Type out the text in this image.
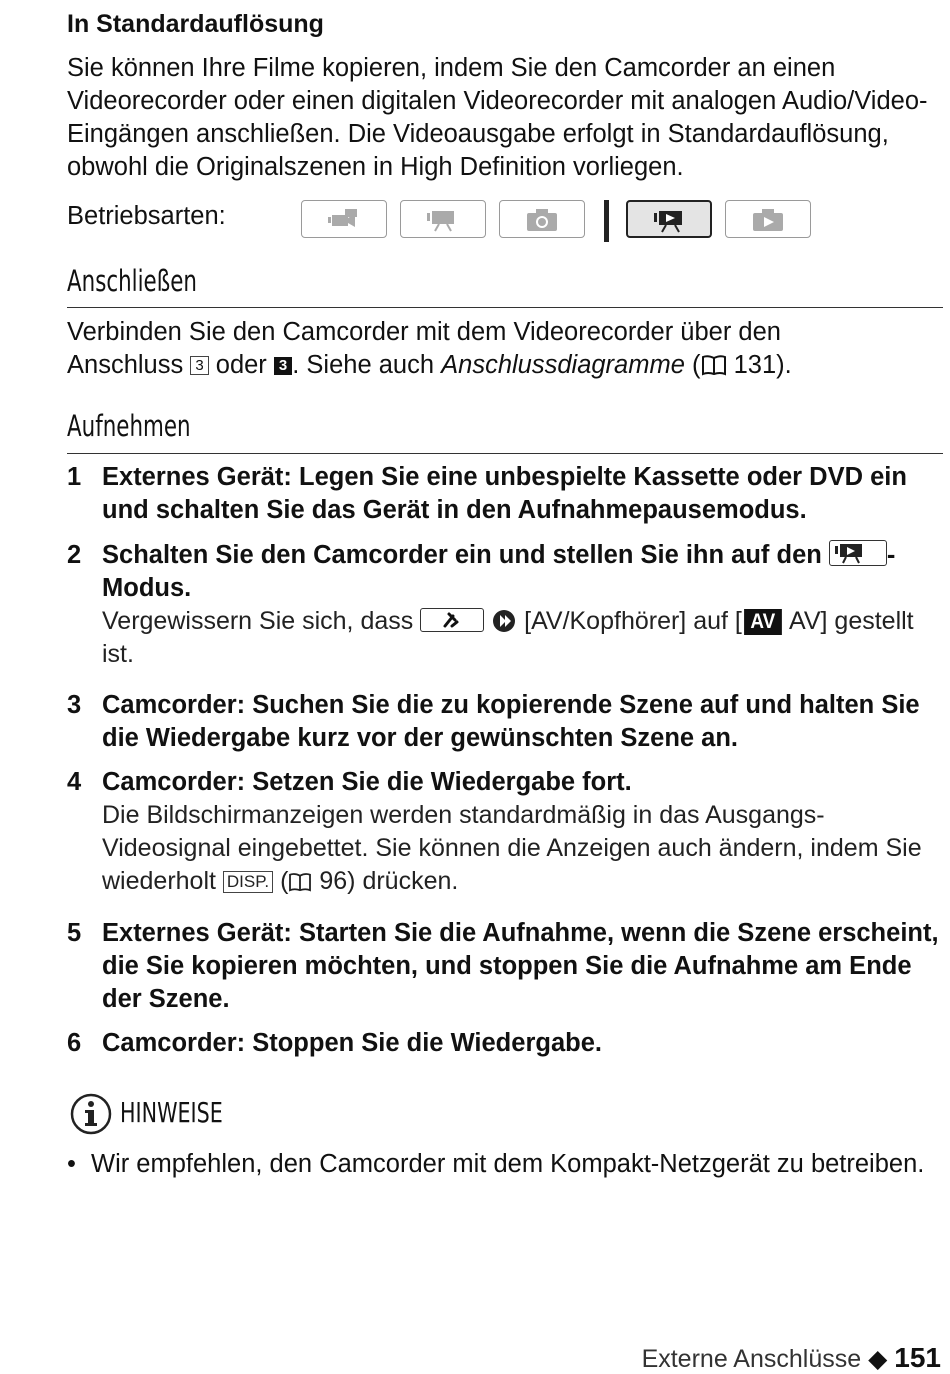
In Standardauflösung

Sie können Ihre Filme kopieren, indem Sie den Camcorder an einen Videorecorder oder einen digitalen Videorecorder mit analogen Audio/Video-Eingängen anschließen. Die Videoausgabe erfolgt in Standardauflösung, obwohl die Originalszenen in High Definition vorliegen.

Betriebsarten:
Anschließen
Verbinden Sie den Camcorder mit dem Videorecorder über den
Anschluss 3 oder 3 . Siehe auch Anschlussdiagramme ( 131).
Aufnehmen
1 Externes Gerät: Legen Sie eine unbespielte Kassette oder DVD ein und schalten Sie das Gerät in den Aufnahmepausemodus.
2 Schalten Sie den Camcorder ein und stellen Sie ihn auf den	-Modus.
Vergewissern Sie sich, dass	[AV/Kopfhörer] auf [ AV AV] gestellt ist.
3 Camcorder: Suchen Sie die zu kopierende Szene auf und halten Sie die Wiedergabe kurz vor der gewünschten Szene an.
4 Camcorder: Setzen Sie die Wiedergabe fort.
Die Bildschirmanzeigen werden standardmäßig in das Ausgangs-Videosignal eingebettet. Sie können die Anzeigen auch ändern, indem Sie wiederholt DISP. ( 96) drücken.
5 Externes Gerät: Starten Sie die Aufnahme, wenn die Szene erscheint, die Sie kopieren möchten, und stoppen Sie die Aufnahme am Ende der Szene.
6 Camcorder: Stoppen Sie die Wiedergabe.
HINWEISE
• Wir empfehlen, den Camcorder mit dem Kompakt-Netzgerät zu betreiben.
Externe Anschlüsse ◆ 151
